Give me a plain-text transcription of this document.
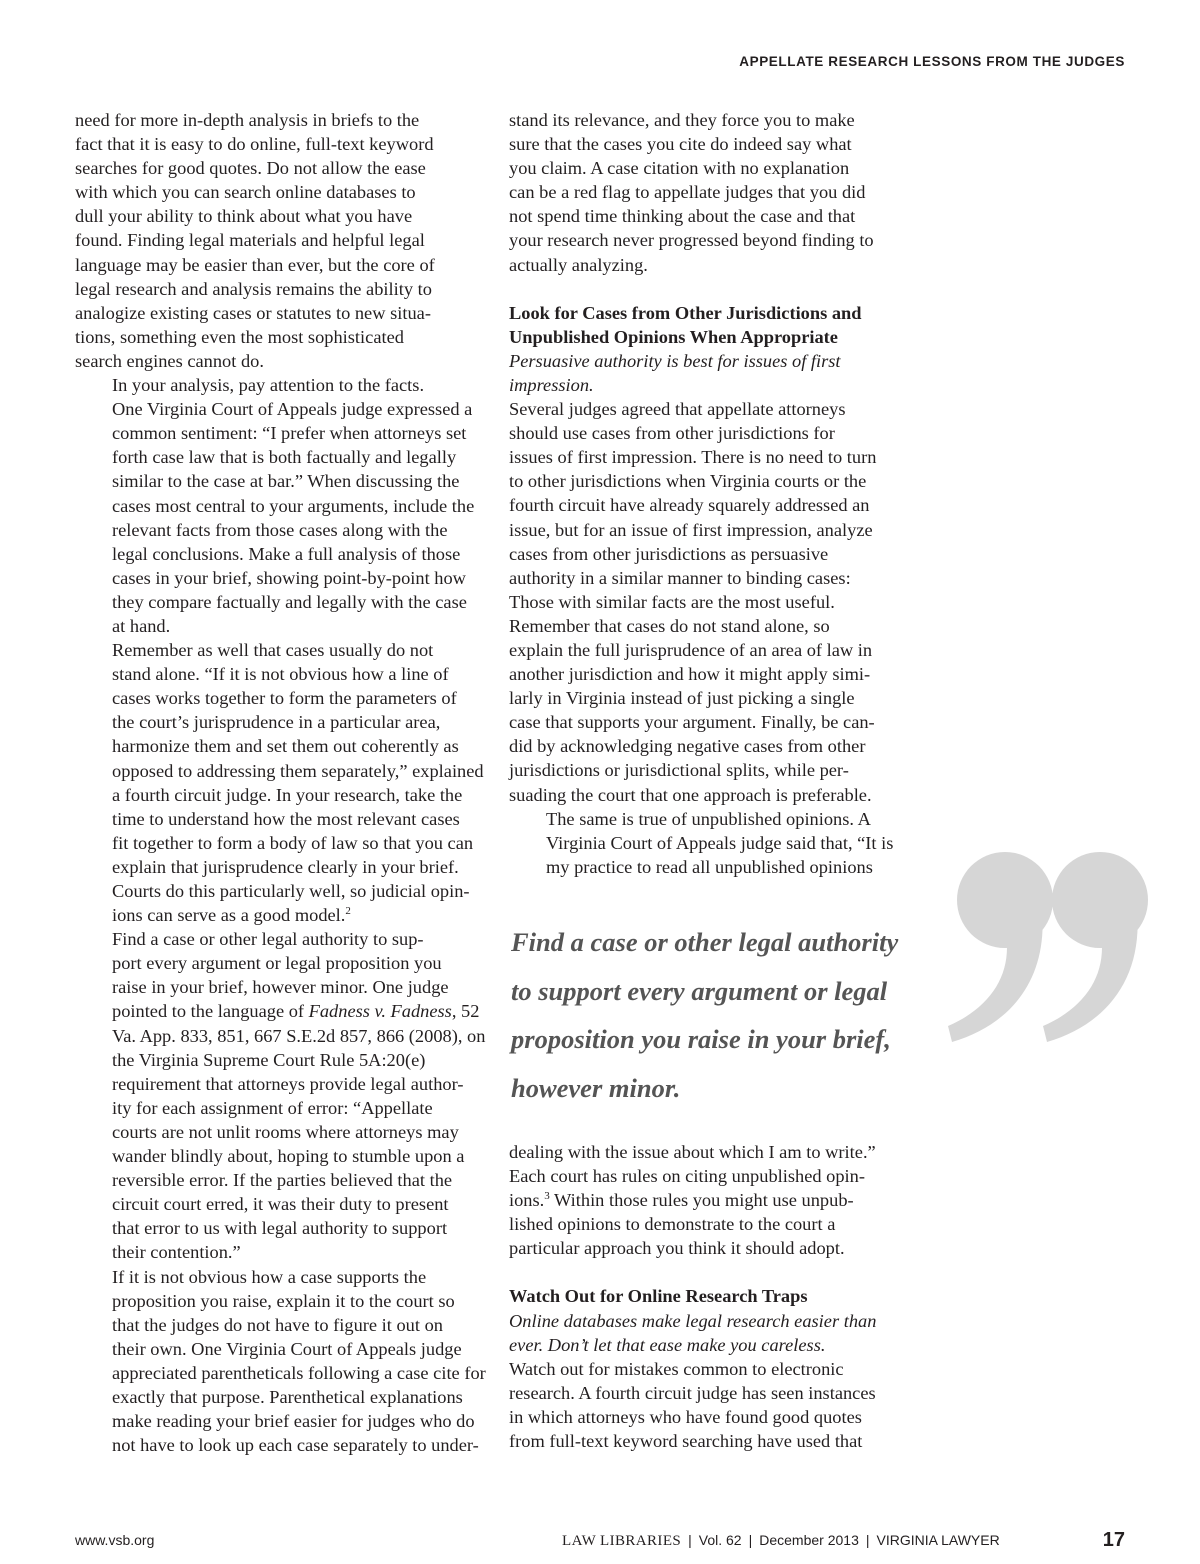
APPELLATE RESEARCH LESSONS FROM THE JUDGES

need for more in-depth analysis in briefs to the
fact that it is easy to do online, full-text keyword
searches for good quotes. Do not allow the ease
with which you can search online databases to
dull your ability to think about what you have
found. Finding legal materials and helpful legal
language may be easier than ever, but the core of
legal research and analysis remains the ability to
analogize existing cases or statutes to new situa-
tions, something even the most sophisticated
search engines cannot do.

In your analysis, pay attention to the facts.
One Virginia Court of Appeals judge expressed a
common sentiment: “I prefer when attorneys set
forth case law that is both factually and legally
similar to the case at bar.” When discussing the
cases most central to your arguments, include the
relevant facts from those cases along with the
legal conclusions. Make a full analysis of those
cases in your brief, showing point-by-point how
they compare factually and legally with the case
at hand.

Remember as well that cases usually do not
stand alone. “If it is not obvious how a line of
cases works together to form the parameters of
the court’s jurisprudence in a particular area,
harmonize them and set them out coherently as
opposed to addressing them separately,” explained
a fourth circuit judge. In your research, take the
time to understand how the most relevant cases
fit together to form a body of law so that you can
explain that jurisprudence clearly in your brief.
Courts do this particularly well, so judicial opin-
ions can serve as a good model.$^2$

Find a case or other legal authority to sup-
port every argument or legal proposition you
raise in your brief, however minor. One judge
pointed to the language of Fadness v. Fadness, 52
Va. App. 833, 851, 667 S.E.2d 857, 866 (2008), on
the Virginia Supreme Court Rule 5A:20(e)
requirement that attorneys provide legal author-
ity for each assignment of error: “Appellate
courts are not unlit rooms where attorneys may
wander blindly about, hoping to stumble upon a
reversible error. If the parties believed that the
circuit court erred, it was their duty to present
that error to us with legal authority to support
their contention.”

If it is not obvious how a case supports the
proposition you raise, explain it to the court so
that the judges do not have to figure it out on
their own. One Virginia Court of Appeals judge
appreciated parentheticals following a case cite for
exactly that purpose. Parenthetical explanations
make reading your brief easier for judges who do
not have to look up each case separately to under-

stand its relevance, and they force you to make
sure that the cases you cite do indeed say what
you claim. A case citation with no explanation
can be a red flag to appellate judges that you did
not spend time thinking about the case and that
your research never progressed beyond finding to
actually analyzing.

Look for Cases from Other Jurisdictions and
Unpublished Opinions When Appropriate

Persuasive authority is best for issues of first
impression.

Several judges agreed that appellate attorneys
should use cases from other jurisdictions for
issues of first impression. There is no need to turn
to other jurisdictions when Virginia courts or the
fourth circuit have already squarely addressed an
issue, but for an issue of first impression, analyze
cases from other jurisdictions as persuasive
authority in a similar manner to binding cases:
Those with similar facts are the most useful.
Remember that cases do not stand alone, so
explain the full jurisprudence of an area of law in
another jurisdiction and how it might apply simi-
larly in Virginia instead of just picking a single
case that supports your argument. Finally, be can-
did by acknowledging negative cases from other
jurisdictions or jurisdictional splits, while per-
suading the court that one approach is preferable.

The same is true of unpublished opinions. A
Virginia Court of Appeals judge said that, “It is
my practice to read all unpublished opinions

Find a case or other legal authority
to support every argument or legal
proposition you raise in your brief,
however minor.

dealing with the issue about which I am to write.”
Each court has rules on citing unpublished opin-
ions.$^3$ Within those rules you might use unpub-
lished opinions to demonstrate to the court a
particular approach you think it should adopt.

Watch Out for Online Research Traps

Online databases make legal research easier than
ever. Don’t let that ease make you careless.

Watch out for mistakes common to electronic
research. A fourth circuit judge has seen instances
in which attorneys who have found good quotes
from full-text keyword searching have used that

www.vsb.org	LAW LIBRARIES | Vol. 62 | December 2013 | VIRGINIA LAWYER	17
